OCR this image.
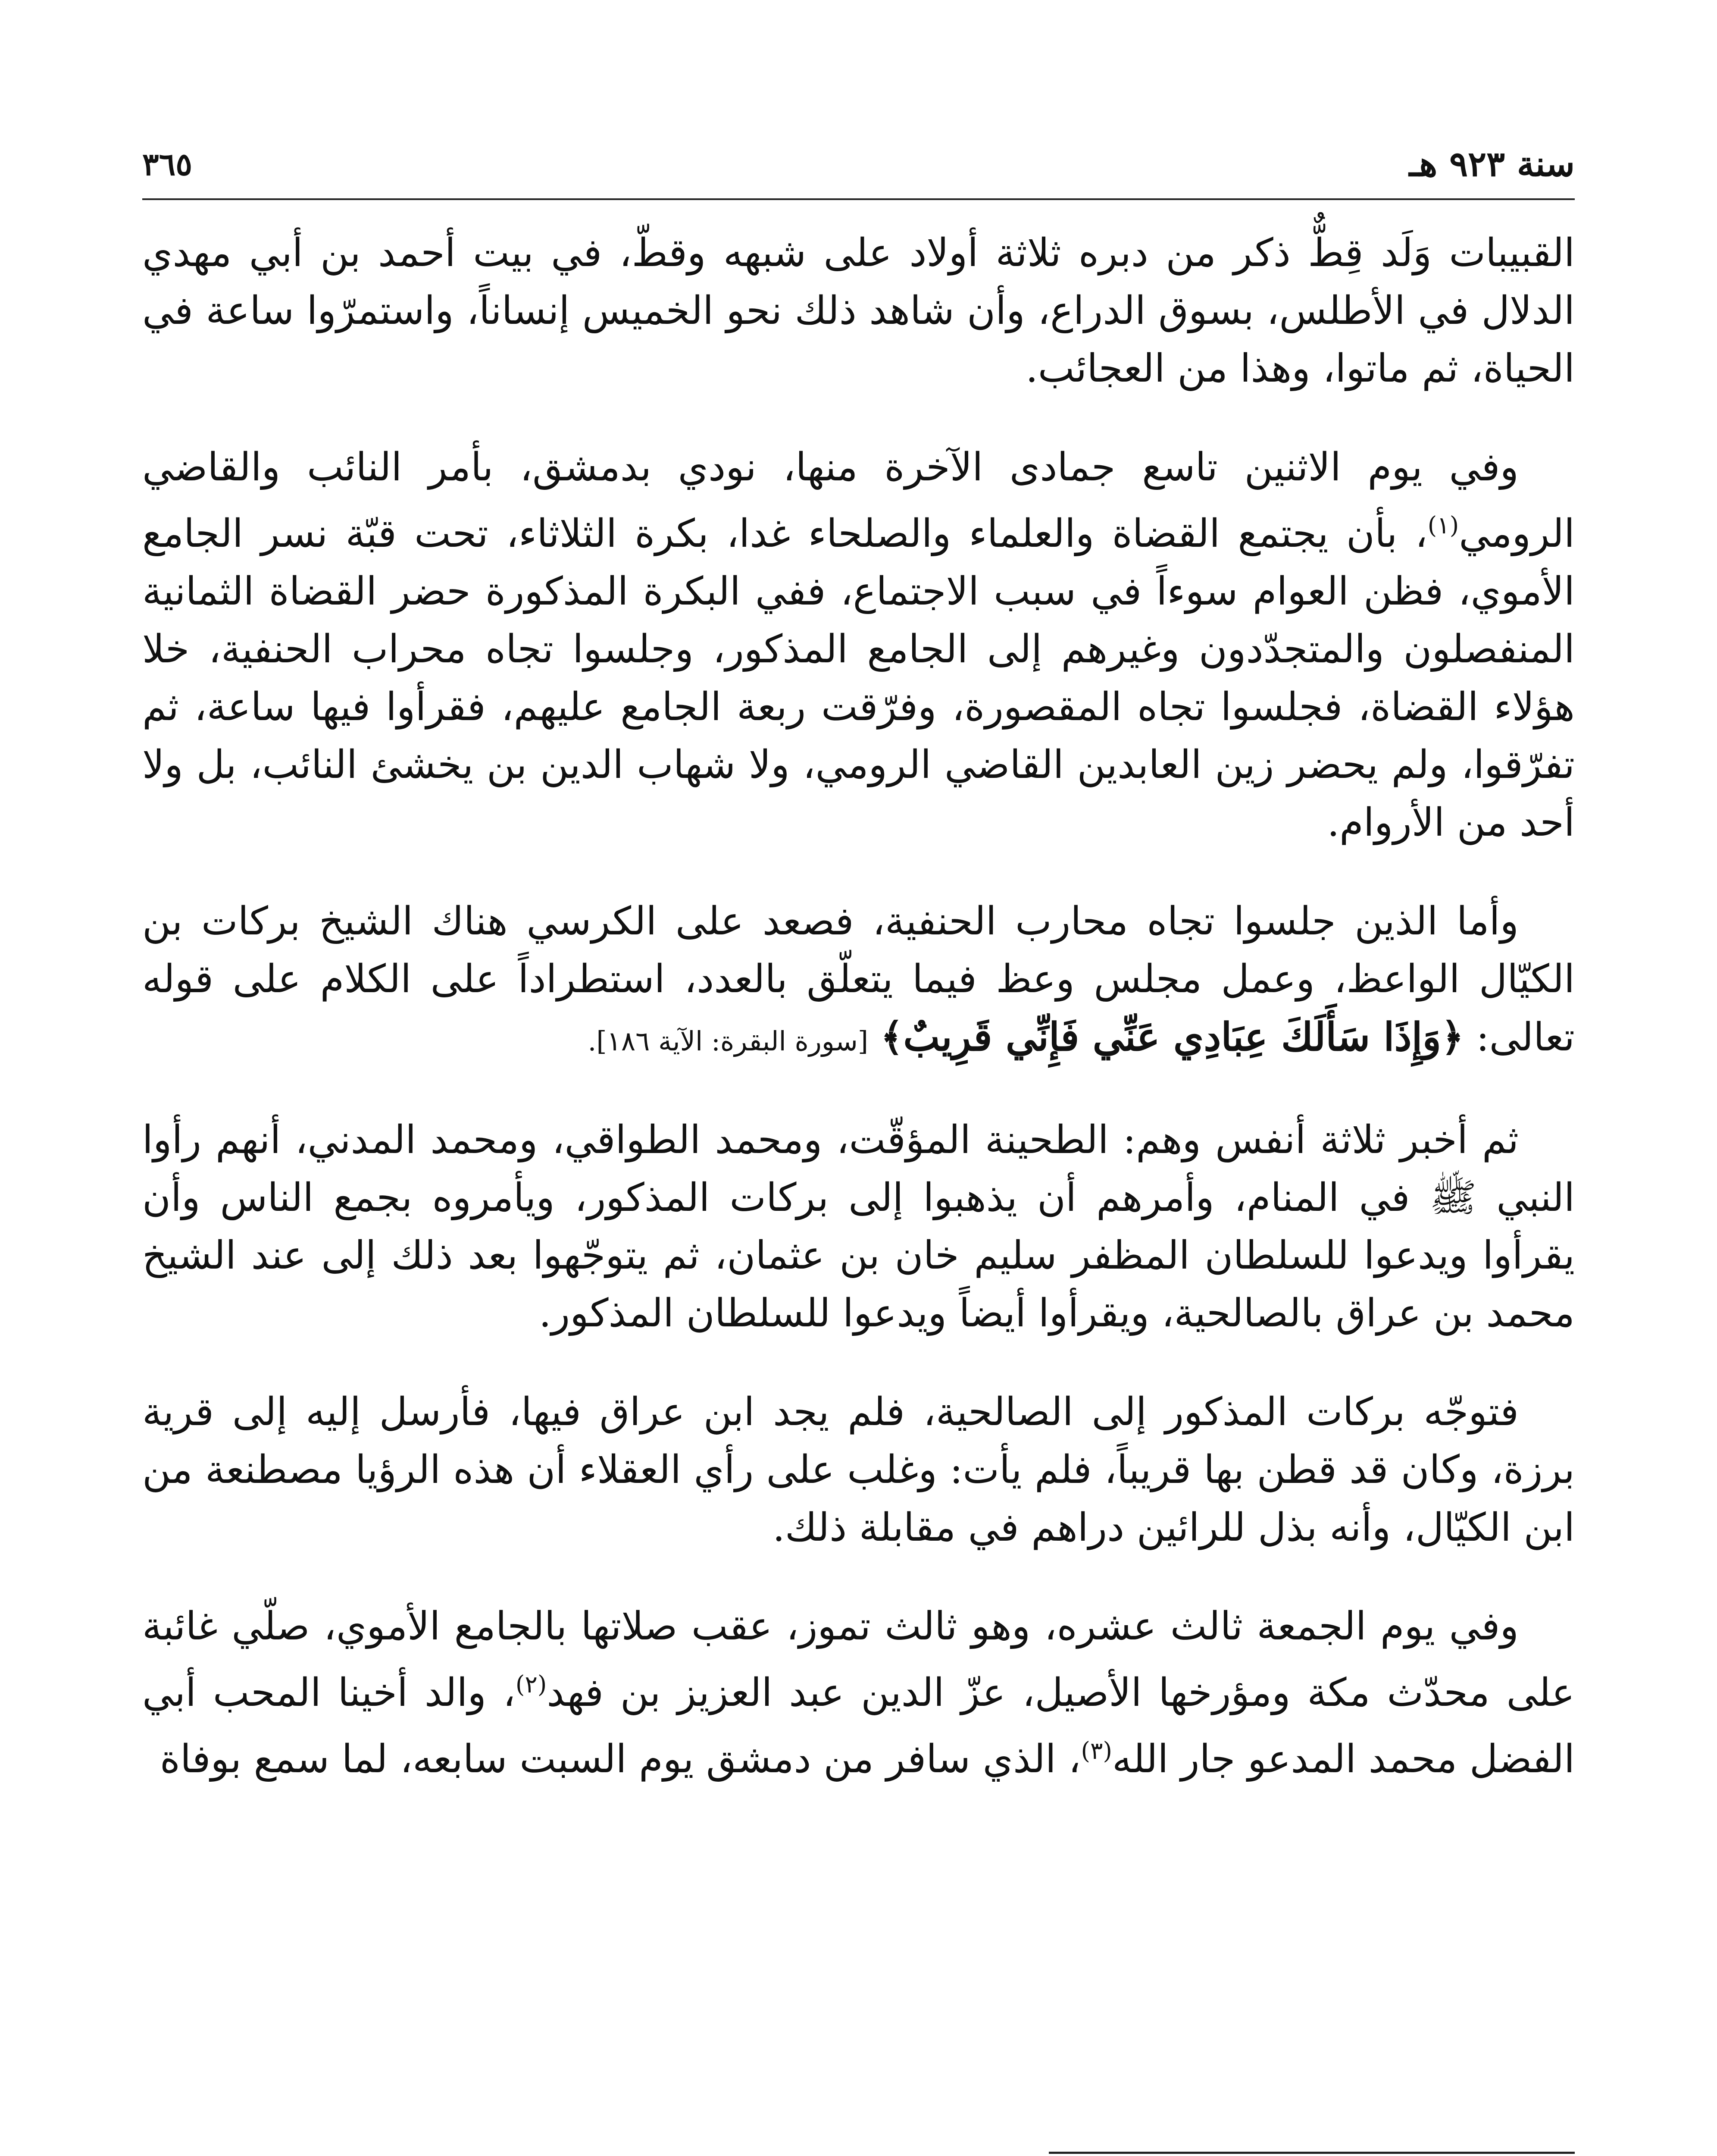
٣٦٥	سنة ٩٢٣ هـ

القبيبات وَلَد قِطٌّ ذكر من دبره ثلاثة أولاد على شبهه وقطّ، في بيت أحمد بن أبي مهدي الدلال في الأطلس، بسوق الدراع، وأن شاهد ذلك نحو الخميس إنساناً، واستمرّوا ساعة في الحياة، ثم ماتوا، وهذا من العجائب.

وفي يوم الاثنين تاسع جمادى الآخرة منها، نودي بدمشق، بأمر النائب والقاضي الرومي$^{(١)}$، بأن يجتمع القضاة والعلماء والصلحاء غدا، بكرة الثلاثاء، تحت قبّة نسر الجامع الأموي، فظن العوام سوءاً في سبب الاجتماع، ففي البكرة المذكورة حضر القضاة الثمانية المنفصلون والمتجدّدون وغيرهم إلى الجامع المذكور، وجلسوا تجاه محراب الحنفية، خلا هؤلاء القضاة، فجلسوا تجاه المقصورة، وفرّقت ربعة الجامع عليهم، فقرأوا فيها ساعة، ثم تفرّقوا، ولم يحضر زين العابدين القاضي الرومي، ولا شهاب الدين بن يخشئ النائب، بل ولا أحد من الأروام.

وأما الذين جلسوا تجاه محارب الحنفية، فصعد على الكرسي هناك الشيخ بركات بن الكيّال الواعظ، وعمل مجلس وعظ فيما يتعلّق بالعدد، استطراداً على الكلام على قوله تعالى: ﴿وَإِذَا سَأَلَكَ عِبَادِي عَنِّي فَإِنِّي قَرِيبٌ﴾ [سورة البقرة: الآية ١٨٦].

ثم أخبر ثلاثة أنفس وهم: الطحينة المؤقّت، ومحمد الطواقي، ومحمد المدني، أنهم رأوا النبي ﷺ في المنام، وأمرهم أن يذهبوا إلى بركات المذكور، ويأمروه بجمع الناس وأن يقرأوا ويدعوا للسلطان المظفر سليم خان بن عثمان، ثم يتوجّهوا بعد ذلك إلى عند الشيخ محمد بن عراق بالصالحية، ويقرأوا أيضاً ويدعوا للسلطان المذكور.

فتوجّه بركات المذكور إلى الصالحية، فلم يجد ابن عراق فيها، فأرسل إليه إلى قرية برزة، وكان قد قطن بها قريباً، فلم يأت: وغلب على رأي العقلاء أن هذه الرؤيا مصطنعة من ابن الكيّال، وأنه بذل للرائين دراهم في مقابلة ذلك.

وفي يوم الجمعة ثالث عشره، وهو ثالث تموز، عقب صلاتها بالجامع الأموي، صلّي غائبة على محدّث مكة ومؤرخها الأصيل، عزّ الدين عبد العزيز بن فهد$^{(٢)}$، والد أخينا المحب أبي الفضل محمد المدعو جار الله$^{(٣)}$، الذي سافر من دمشق يوم السبت سابعه، لما سمع بوفاة
